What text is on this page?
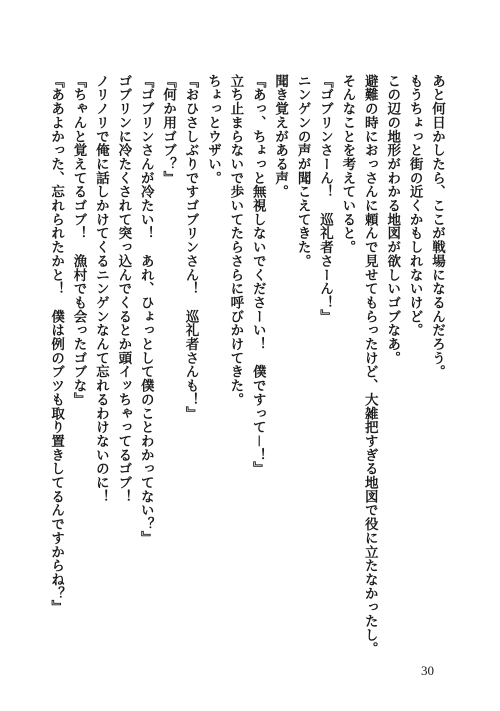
あと何日かしたら、ここが戦場になるんだろう。
もうちょっと街の近くかもしれないけど。
この辺の地形がわかる地図が欲しいゴブなあ。
避難の時におっさんに頼んで見せてもらったけど、大雑把すぎる地図で役に立たなかったし。
そんなことを考えていると。
『ゴブリンさーん！　巡礼者さーん！』
ニンゲンの声が聞こえてきた。
聞き覚えがある声。
『あっ、ちょっと無視しないでくださーい！　僕ですって－！』
立ち止まらないで歩いてたらさらに呼びかけてきた。
ちょっとウザい。
『おひさしぶりですゴブリンさん！　巡礼者さんも！』
『何か用ゴブ？』
『ゴブリンさんが冷たい！　あれ、ひょっとして僕のことわかってない？』
ゴブリンに冷たくされて突っ込んでくるとか頭イッちゃってるゴブ！
ノリノリで俺に話しかけてくるニンゲンなんて忘れるわけないのに！
『ちゃんと覚えてるゴブ！　漁村でも会ったゴブな』
『ああよかった、忘れられたかと！　僕は例のブツも取り置きしてるんですからね？』
30
